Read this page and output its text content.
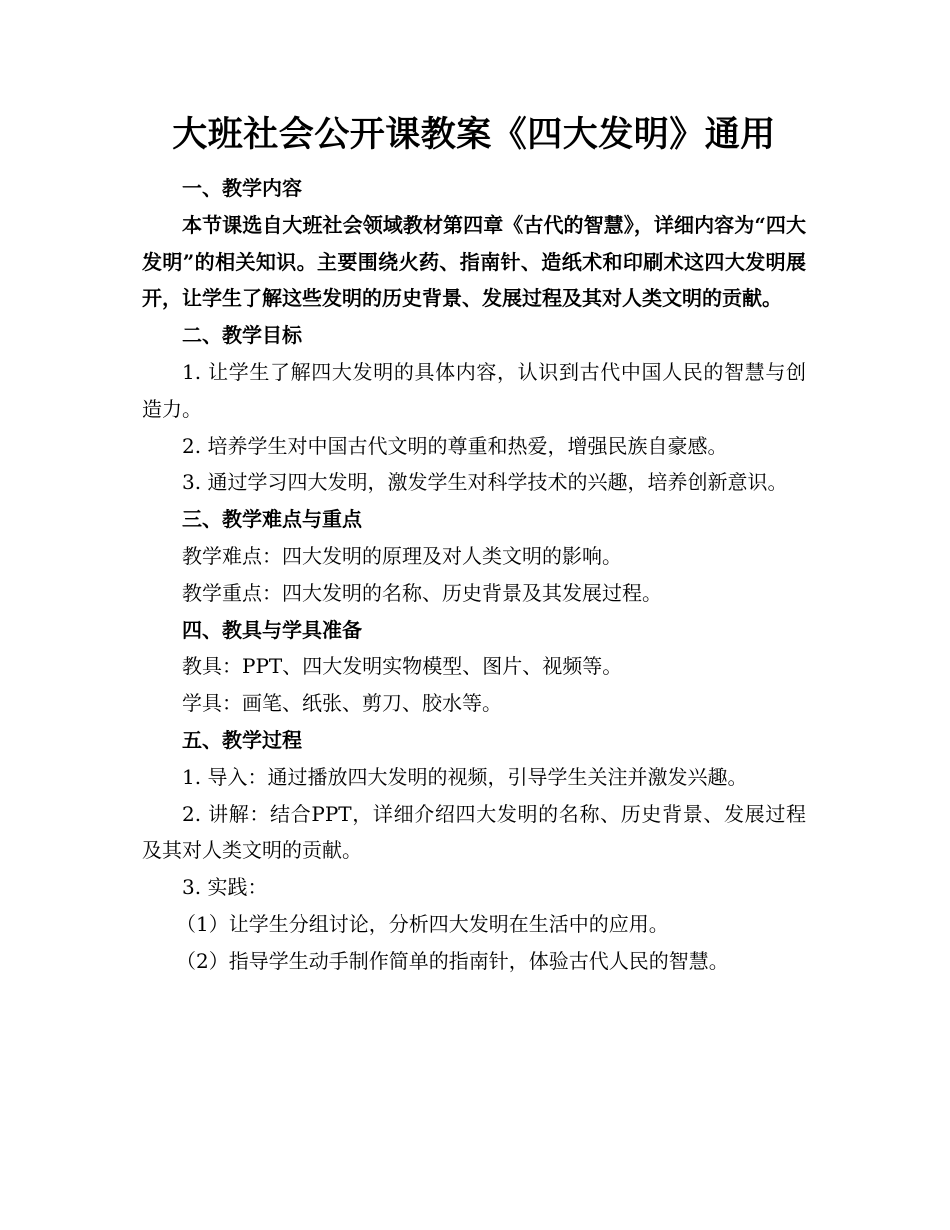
大班社会公开课教案《四大发明》通用

一、教学内容

本节课选自大班社会领域教材第四章《古代的智慧》，详细内容为“四大发明”的相关知识。主要围绕火药、指南针、造纸术和印刷术这四大发明展开，让学生了解这些发明的历史背景、发展过程及其对人类文明的贡献。

二、教学目标

1. 让学生了解四大发明的具体内容，认识到古代中国人民的智慧与创造力。

2. 培养学生对中国古代文明的尊重和热爱，增强民族自豪感。

3. 通过学习四大发明，激发学生对科学技术的兴趣，培养创新意识。

三、教学难点与重点

教学难点：四大发明的原理及对人类文明的影响。

教学重点：四大发明的名称、历史背景及其发展过程。

四、教具与学具准备

教具：PPT、四大发明实物模型、图片、视频等。

学具：画笔、纸张、剪刀、胶水等。

五、教学过程

1. 导入：通过播放四大发明的视频，引导学生关注并激发兴趣。

2. 讲解：结合PPT，详细介绍四大发明的名称、历史背景、发展过程及其对人类文明的贡献。

3. 实践：

（1）让学生分组讨论，分析四大发明在生活中的应用。

（2）指导学生动手制作简单的指南针，体验古代人民的智慧。
